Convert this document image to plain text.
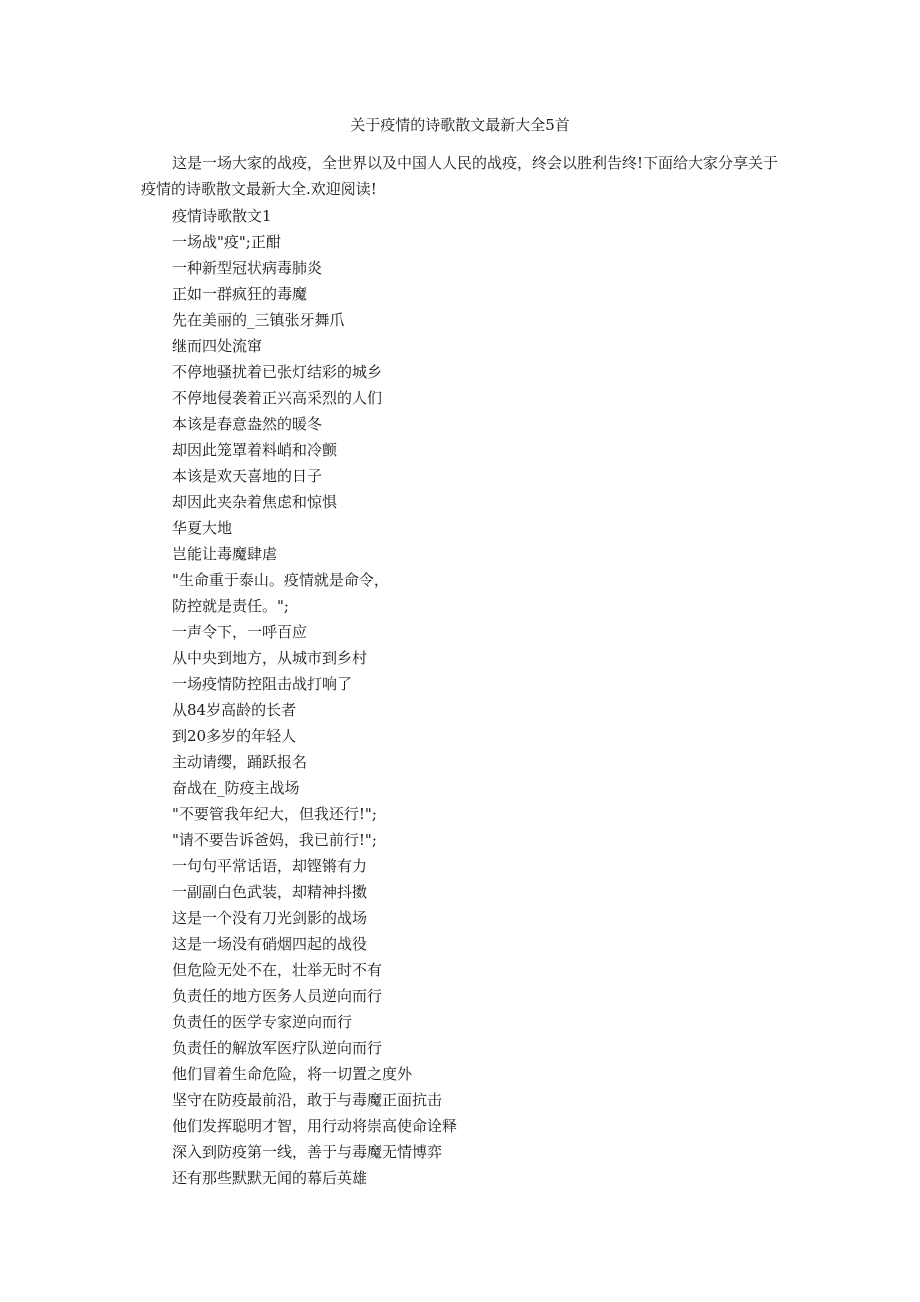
关于疫情的诗歌散文最新大全5首

这是一场大家的战疫，全世界以及中国人人民的战疫，终会以胜利告终!下面给大家分享关于疫情的诗歌散文最新大全.欢迎阅读!

疫情诗歌散文1
一场战"疫";正酣
一种新型冠状病毒肺炎
正如一群疯狂的毒魔
先在美丽的_三镇张牙舞爪
继而四处流窜
不停地骚扰着已张灯结彩的城乡
不停地侵袭着正兴高采烈的人们
本该是春意盎然的暖冬
却因此笼罩着料峭和冷颤
本该是欢天喜地的日子
却因此夹杂着焦虑和惊惧
华夏大地
岂能让毒魔肆虐
"生命重于泰山。疫情就是命令，
防控就是责任。";
一声令下，一呼百应
从中央到地方，从城市到乡村
一场疫情防控阻击战打响了
从84岁高龄的长者
到20多岁的年轻人
主动请缨，踊跃报名
奋战在_防疫主战场
"不要管我年纪大，但我还行!";
"请不要告诉爸妈，我已前行!";
一句句平常话语，却铿锵有力
一副副白色武装，却精神抖擞
这是一个没有刀光剑影的战场
这是一场没有硝烟四起的战役
但危险无处不在，壮举无时不有
负责任的地方医务人员逆向而行
负责任的医学专家逆向而行
负责任的解放军医疗队逆向而行
他们冒着生命危险，将一切置之度外
坚守在防疫最前沿，敢于与毒魔正面抗击
他们发挥聪明才智，用行动将崇高使命诠释
深入到防疫第一线，善于与毒魔无情博弈
还有那些默默无闻的幕后英雄
